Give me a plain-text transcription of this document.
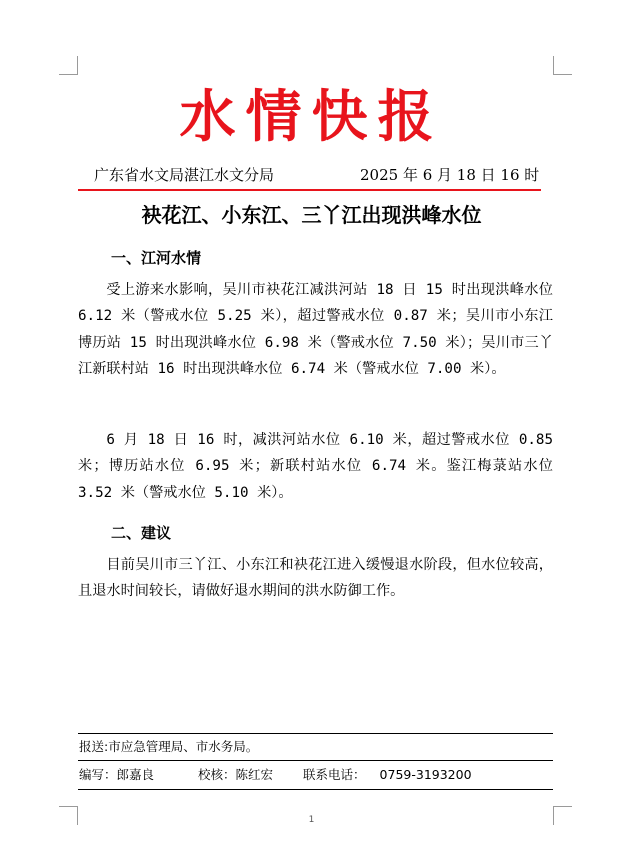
水情快报
广东省水文局湛江水文分局	2025 年 6 月 18 日 16 时
袂花江、小东江、三丫江出现洪峰水位
一、江河水情
受上游来水影响，吴川市袂花江减洪河站 18 日 15 时出现洪峰水位 6.12 米（警戒水位 5.25 米），超过警戒水位 0.87 米；吴川市小东江博历站 15 时出现洪峰水位 6.98 米（警戒水位 7.50 米）；吴川市三丫江新联村站 16 时出现洪峰水位 6.74 米（警戒水位 7.00 米）。
6 月 18 日 16 时，减洪河站水位 6.10 米，超过警戒水位 0.85 米；博历站水位 6.95 米；新联村站水位 6.74 米。鉴江梅菉站水位 3.52 米（警戒水位 5.10 米）。
二、建议
目前吴川市三丫江、小东江和袂花江进入缓慢退水阶段，但水位较高，且退水时间较长，请做好退水期间的洪水防御工作。
报送:市应急管理局、市水务局。
编写：郎嘉良	校核：陈红宏 联系电话： 0759-3193200
1
